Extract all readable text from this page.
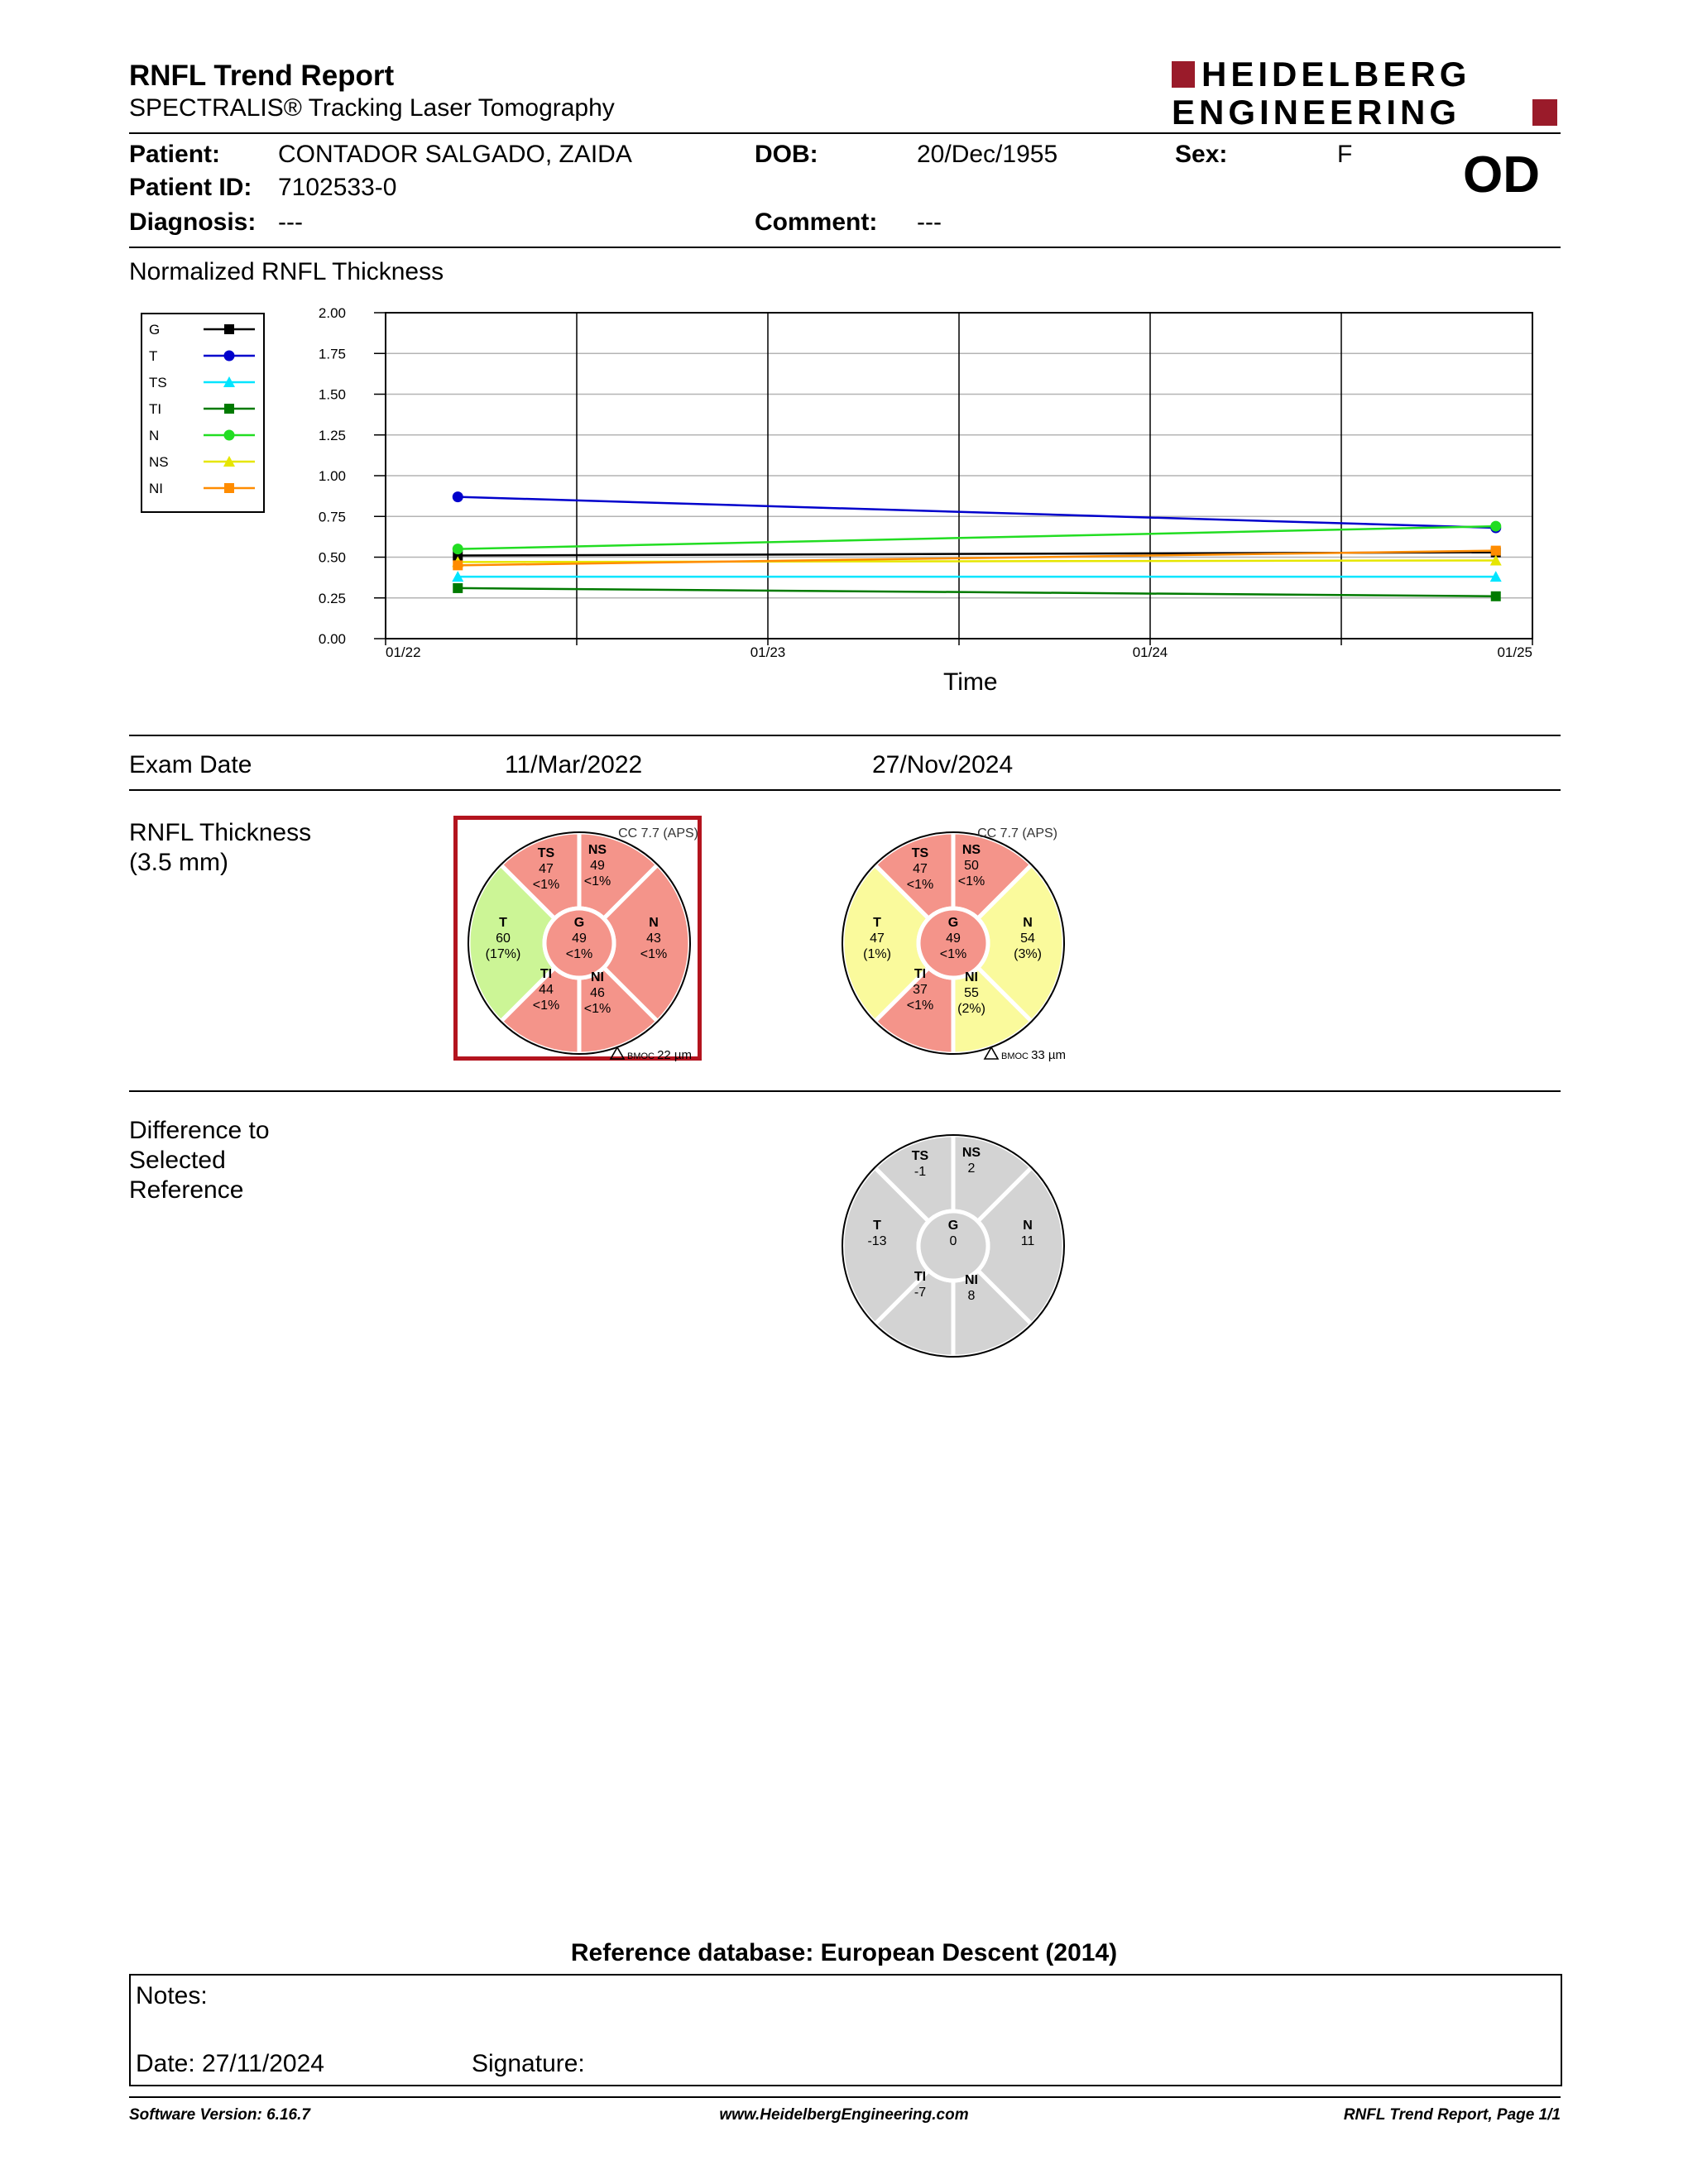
RNFL Trend Report
SPECTRALIS® Tracking Laser Tomography
HEIDELBERG
ENGINEERING
Patient: CONTADOR SALGADO, ZAIDA	DOB:	20/Dec/1955	Sex:	F OD
Patient ID: 7102533-0
Diagnosis: ---	Comment: ---
Normalized RNFL Thickness
G
T
TS
TI
N
NS
NI
0.00
0.25
0.50
0.75
1.00
1.25
1.50
1.75
2.00
01/22	01/23	01/24	01/25
Time
Exam Date	11/Mar/2022	27/Nov/2024
RNFL Thickness
(3.5 mm)	TS
47
<1%
NS
49
<1%
N
43
<1%
NI
46
<1%
TI
44
<1%
T
60
(17%)
G
49
<1%
CC 7.7 (APS)
BMOC 22 µm
TS
47
<1%
NS
50
<1%
N
54
(3%)
NI
55
(2%)
TI
37
<1%
T
47
(1%)
G
49
<1%
CC 7.7 (APS)
BMOC 33 µm
Difference to
Selected
Reference
TS
-1
NS
2
N
11
NI
8
TI
-7
T
-13
G
0
Reference database: European Descent (2014)
Notes:
Date: 27/11/2024	Signature:
Software Version: 6.16.7	www.HeidelbergEngineering.com	RNFL Trend Report, Page 1/1
